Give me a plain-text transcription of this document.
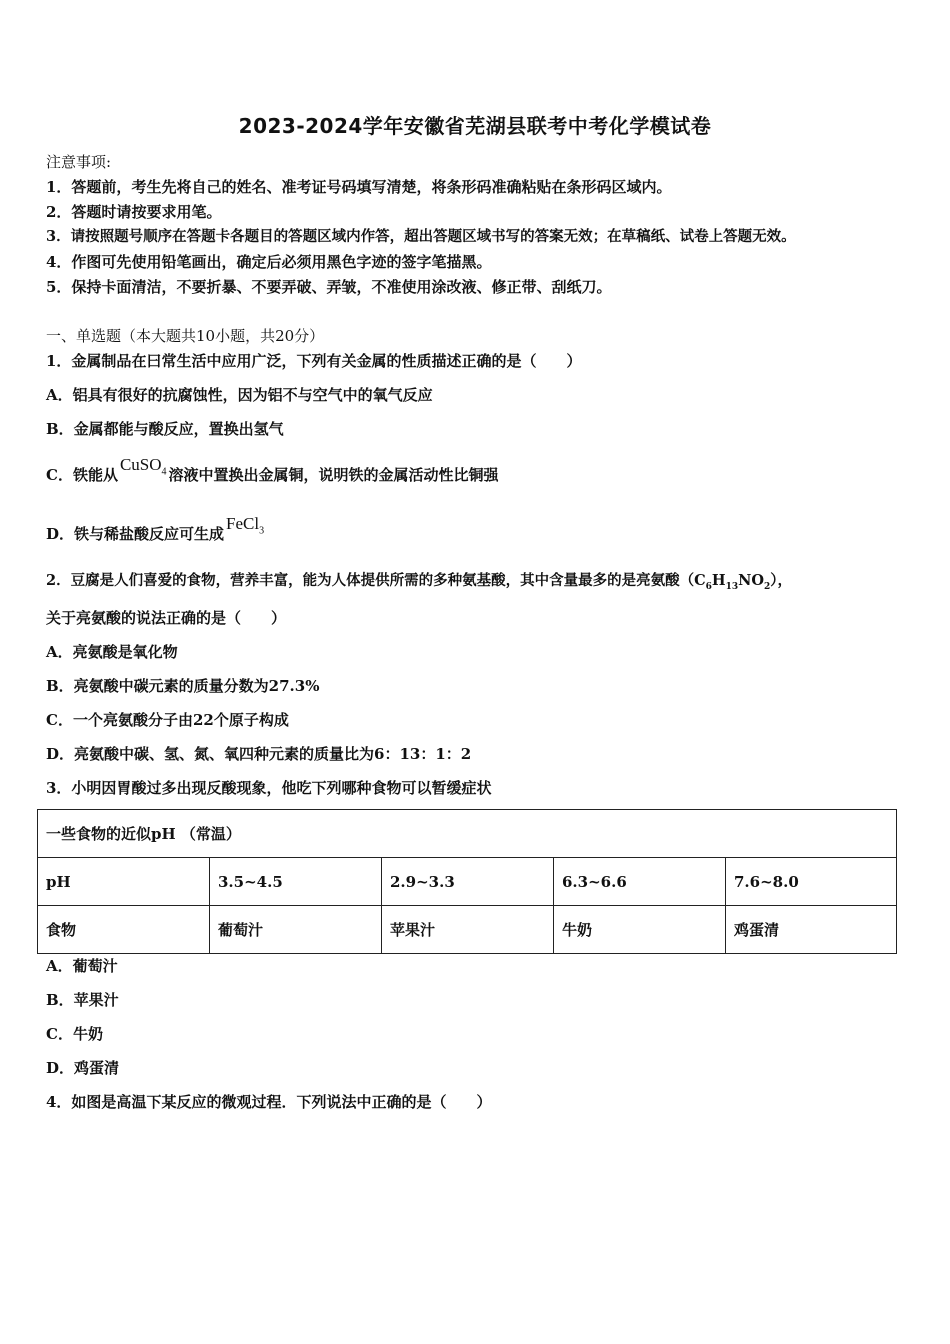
2023-2024学年安徽省芜湖县联考中考化学模试卷
注意事项:
1．答题前，考生先将自己的姓名、准考证号码填写清楚，将条形码准确粘贴在条形码区域内。
2．答题时请按要求用笔。
3．请按照题号顺序在答题卡各题目的答题区域内作答，超出答题区域书写的答案无效；在草稿纸、试卷上答题无效。
4．作图可先使用铅笔画出，确定后必须用黑色字迹的签字笔描黑。
5．保持卡面清洁，不要折暴、不要弄破、弄皱，不准使用涂改液、修正带、刮纸刀。
一、单选题（本大题共10小题，共20分）
1．金属制品在曰常生活中应用广泛，下列有关金属的性质描述正确的是（　　）
A．铝具有很好的抗腐蚀性，因为铝不与空气中的氧气反应
B．金属都能与酸反应，置换出氢气
C．铁能从CuSO$_4$ 溶液中置换出金属铜，说明铁的金属活动性比铜强
D．铁与稀盐酸反应可生成FeCl$_3$
2．豆腐是人们喜爱的食物，营养丰富，能为人体提供所需的多种氨基酸，其中含量最多的是亮氨酸$(C_6H_{13}NO_2)$，
关于亮氨酸的说法正确的是（　　）
A．亮氨酸是氧化物
B．亮氨酸中碳元素的质量分数为27.3%
C．一个亮氨酸分子由22个原子构成
D．亮氨酸中碳、氢、氮、氧四种元素的质量比为6：13：1：2
3．小明因胃酸过多出现反酸现象，他吃下列哪种食物可以暂缓症状
一些食物的近似pH （常温）				
pH	3.5~4.5	2.9~3.3	6.3~6.6	7.6~8.0
食物	葡萄汁	苹果汁	牛奶	鸡蛋清
A．葡萄汁
B．苹果汁
C．牛奶
D．鸡蛋清
4．如图是高温下某反应的微观过程．下列说法中正确的是（　　）
